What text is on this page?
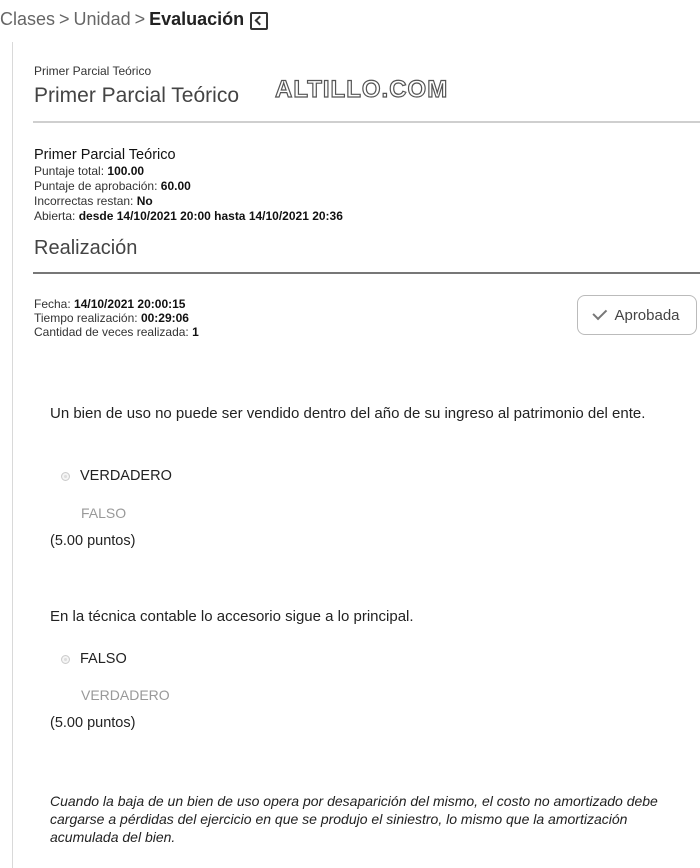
Clases > Unidad > Evaluación
Primer Parcial Teórico
Primer Parcial Teórico ALTILLO.COM
Primer Parcial Teórico
Puntaje total: 100.00
Puntaje de aprobación: 60.00
Incorrectas restan: No
Abierta: desde 14/10/2021 20:00 hasta 14/10/2021 20:36
Realización
Fecha: 14/10/2021 20:00:15
Tiempo realización: 00:29:06
Cantidad de veces realizada: 1
Aprobada
Un bien de uso no puede ser vendido dentro del año de su ingreso al patrimonio del ente.
VERDADERO
FALSO
(5.00 puntos)
En la técnica contable lo accesorio sigue a lo principal.
FALSO
VERDADERO
(5.00 puntos)
Cuando la baja de un bien de uso opera por desaparición del mismo, el costo no amortizado debe cargarse a pérdidas del ejercicio en que se produjo el siniestro, lo mismo que la amortización acumulada del bien.
